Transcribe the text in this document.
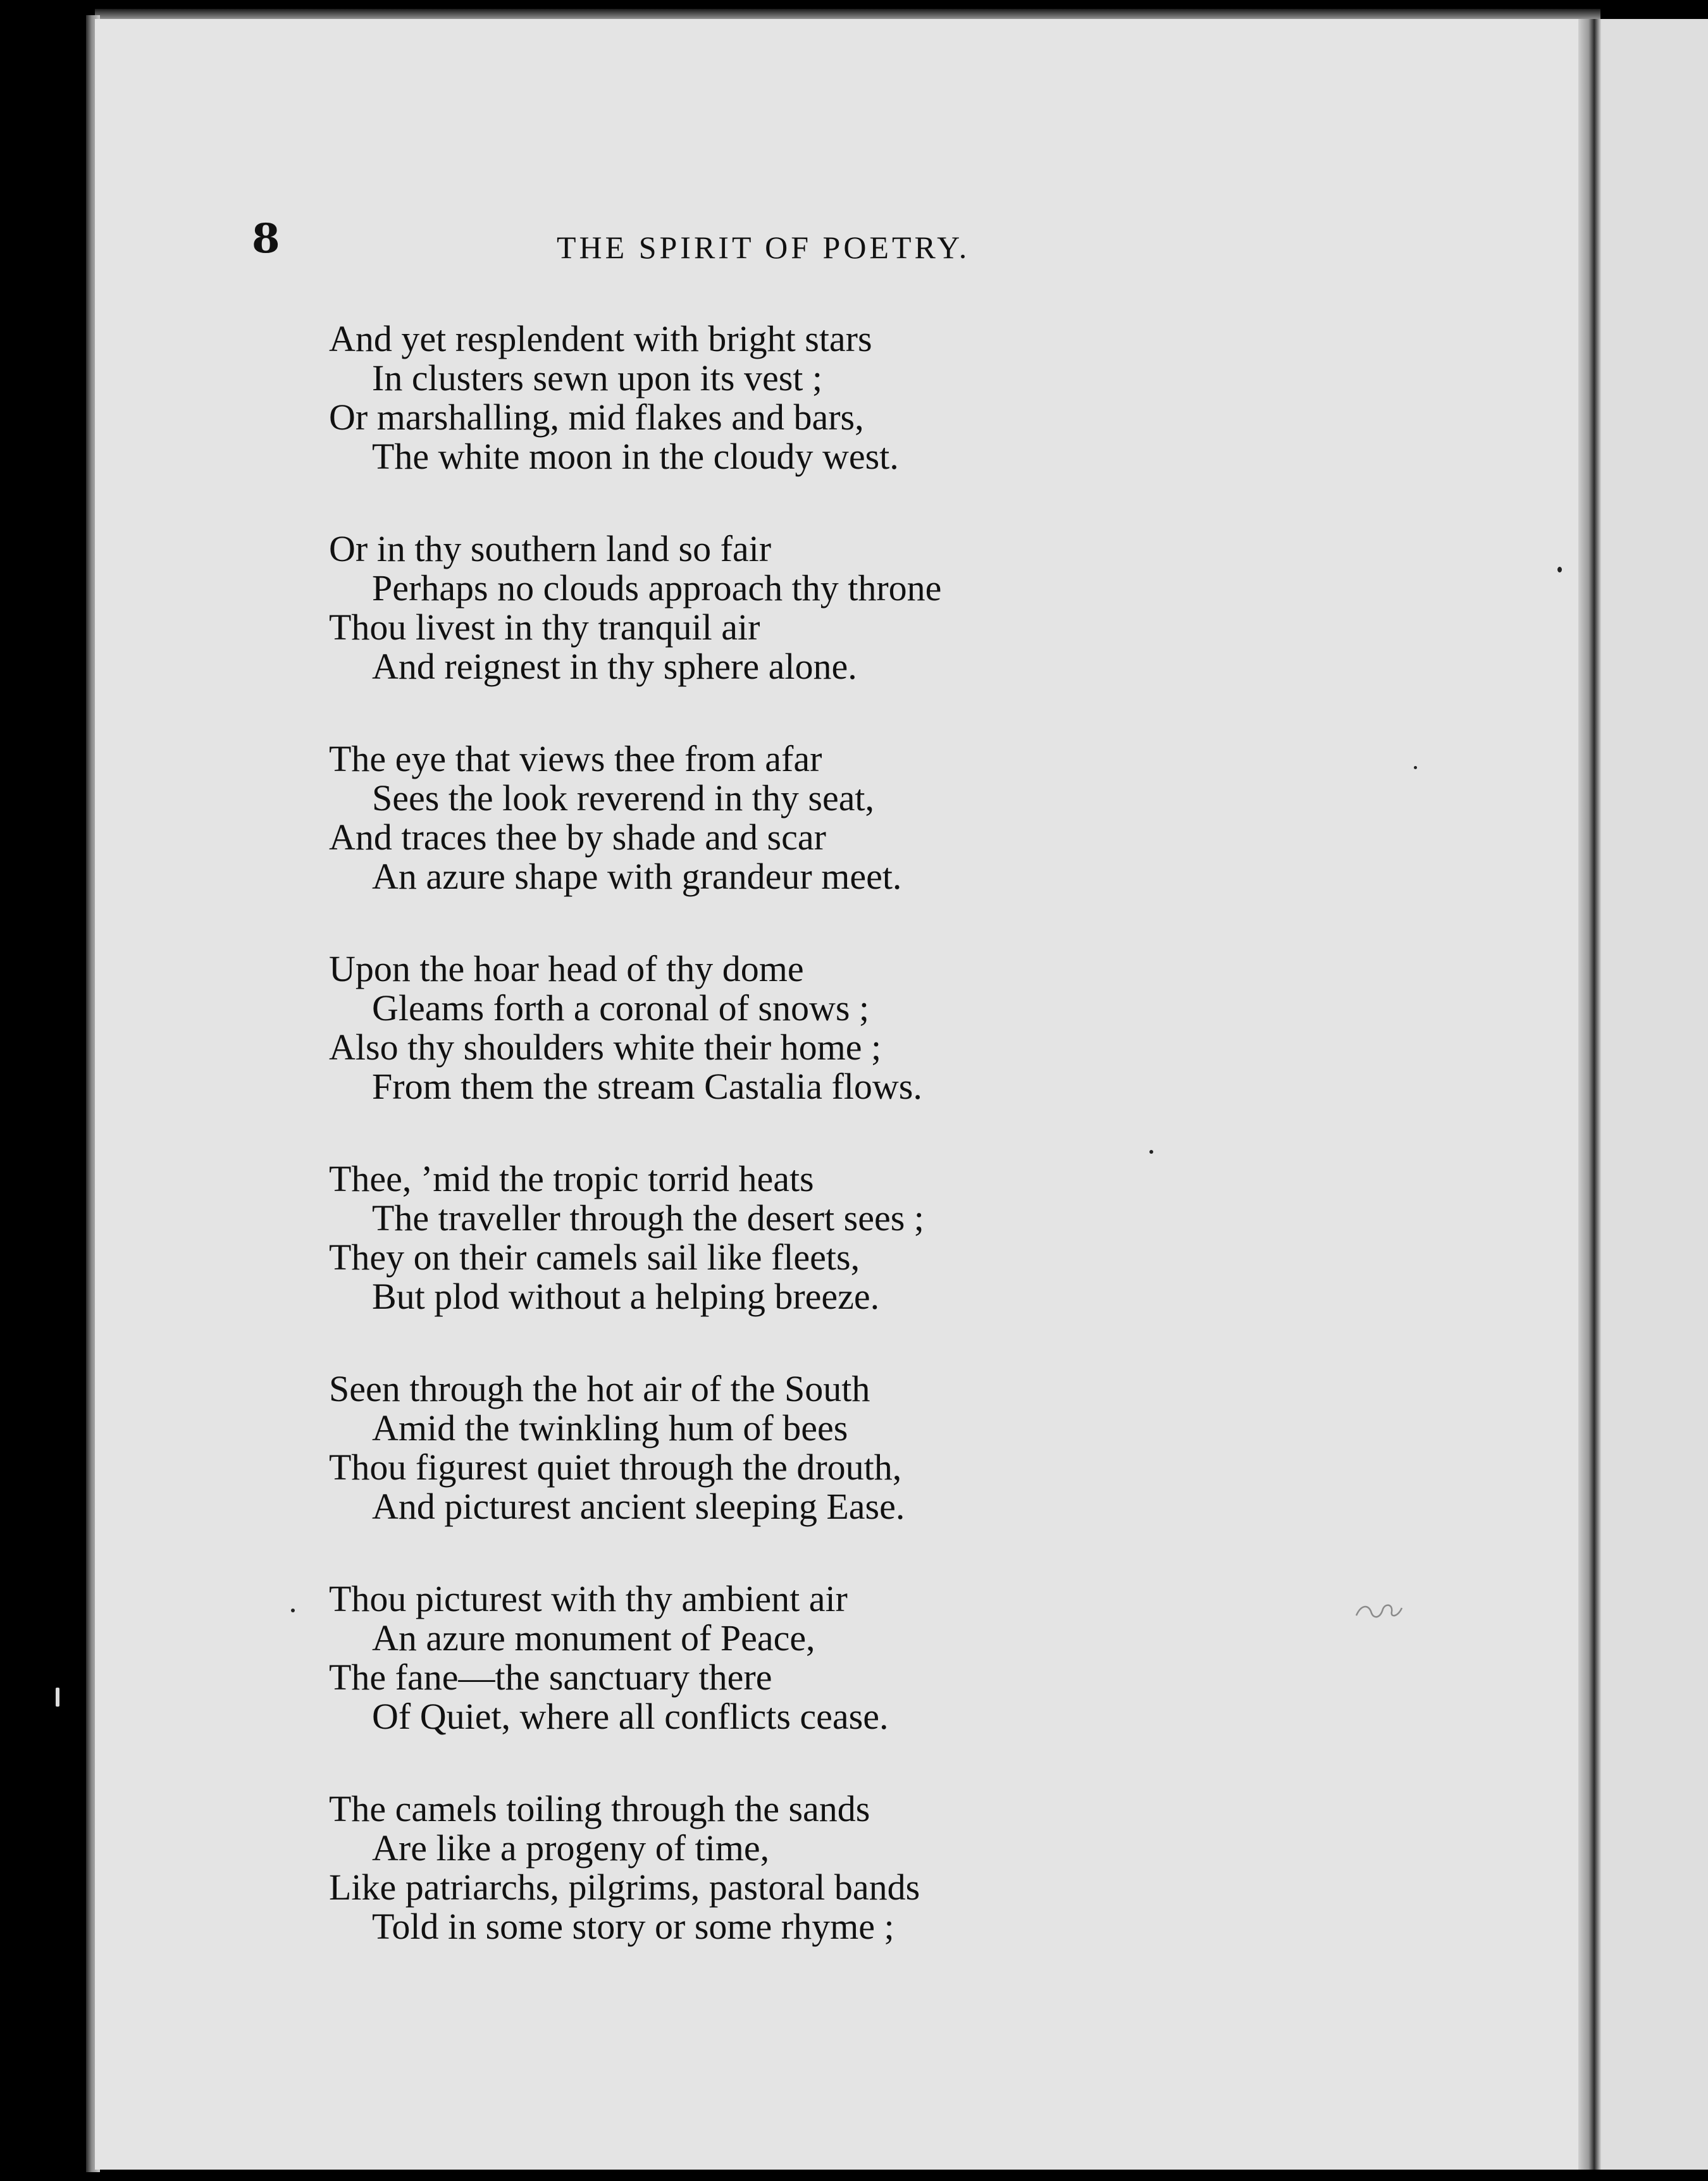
8	THE SPIRIT OF POETRY.
And yet resplendent with bright stars
In clusters sewn upon its vest ;
Or marshalling, mid flakes and bars,
The white moon in the cloudy west.
Or in thy southern land so fair
Perhaps no clouds approach thy throne
Thou livest in thy tranquil air
And reignest in thy sphere alone.
The eye that views thee from afar
Sees the look reverend in thy seat,
And traces thee by shade and scar
An azure shape with grandeur meet.
Upon the hoar head of thy dome
Gleams forth a coronal of snows ;
Also thy shoulders white their home ;
From them the stream Castalia flows.
Thee, ’mid the tropic torrid heats
The traveller through the desert sees ;
They on their camels sail like fleets,
But plod without a helping breeze.
Seen through the hot air of the South
Amid the twinkling hum of bees
Thou figurest quiet through the drouth,
And picturest ancient sleeping Ease.
Thou picturest with thy ambient air
An azure monument of Peace,
The fane—the sanctuary there
Of Quiet, where all conflicts cease.
The camels toiling through the sands
Are like a progeny of time,
Like patriarchs, pilgrims, pastoral bands
Told in some story or some rhyme ;
